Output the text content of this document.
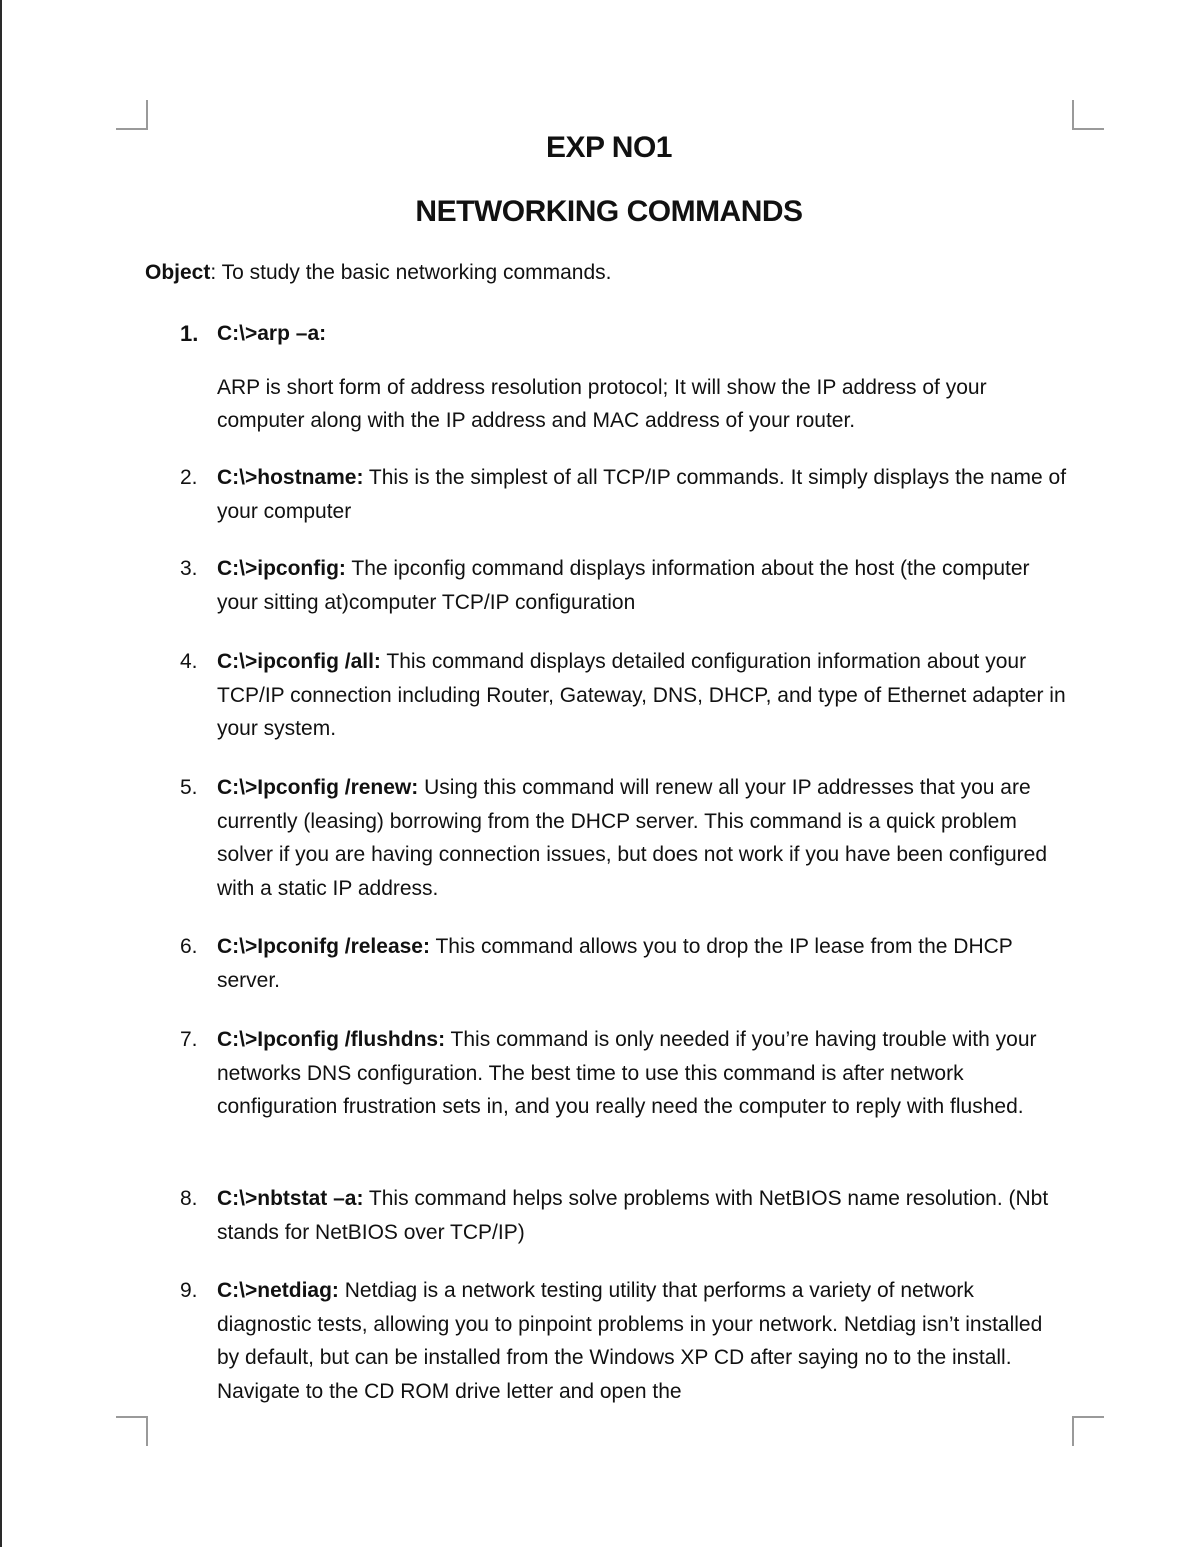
EXP NO1
NETWORKING COMMANDS
Object: To study the basic networking commands.
1. C:\>arp –a:
ARP is short form of address resolution protocol; It will show the IP address of your computer along with the IP address and MAC address of your router.
2. C:\>hostname: This is the simplest of all TCP/IP commands. It simply displays the name of your computer
3. C:\>ipconfig: The ipconfig command displays information about the host (the computer your sitting at)computer TCP/IP configuration
4. C:\>ipconfig /all: This command displays detailed configuration information about your TCP/IP connection including Router, Gateway, DNS, DHCP, and type of Ethernet adapter in your system.
5. C:\>Ipconfig /renew: Using this command will renew all your IP addresses that you are currently (leasing) borrowing from the DHCP server. This command is a quick problem solver if you are having connection issues, but does not work if you have been configured with a static IP address.
6. C:\>Ipconifg /release: This command allows you to drop the IP lease from the DHCP server.
7. C:\>Ipconfig /flushdns: This command is only needed if you’re having trouble with your networks DNS configuration. The best time to use this command is after network configuration frustration sets in, and you really need the computer to reply with flushed.
8. C:\>nbtstat –a: This command helps solve problems with NetBIOS name resolution. (Nbt stands for NetBIOS over TCP/IP)
9. C:\>netdiag: Netdiag is a network testing utility that performs a variety of network diagnostic tests, allowing you to pinpoint problems in your network. Netdiag isn’t installed by default, but can be installed from the Windows XP CD after saying no to the install. Navigate to the CD ROM drive letter and open the
